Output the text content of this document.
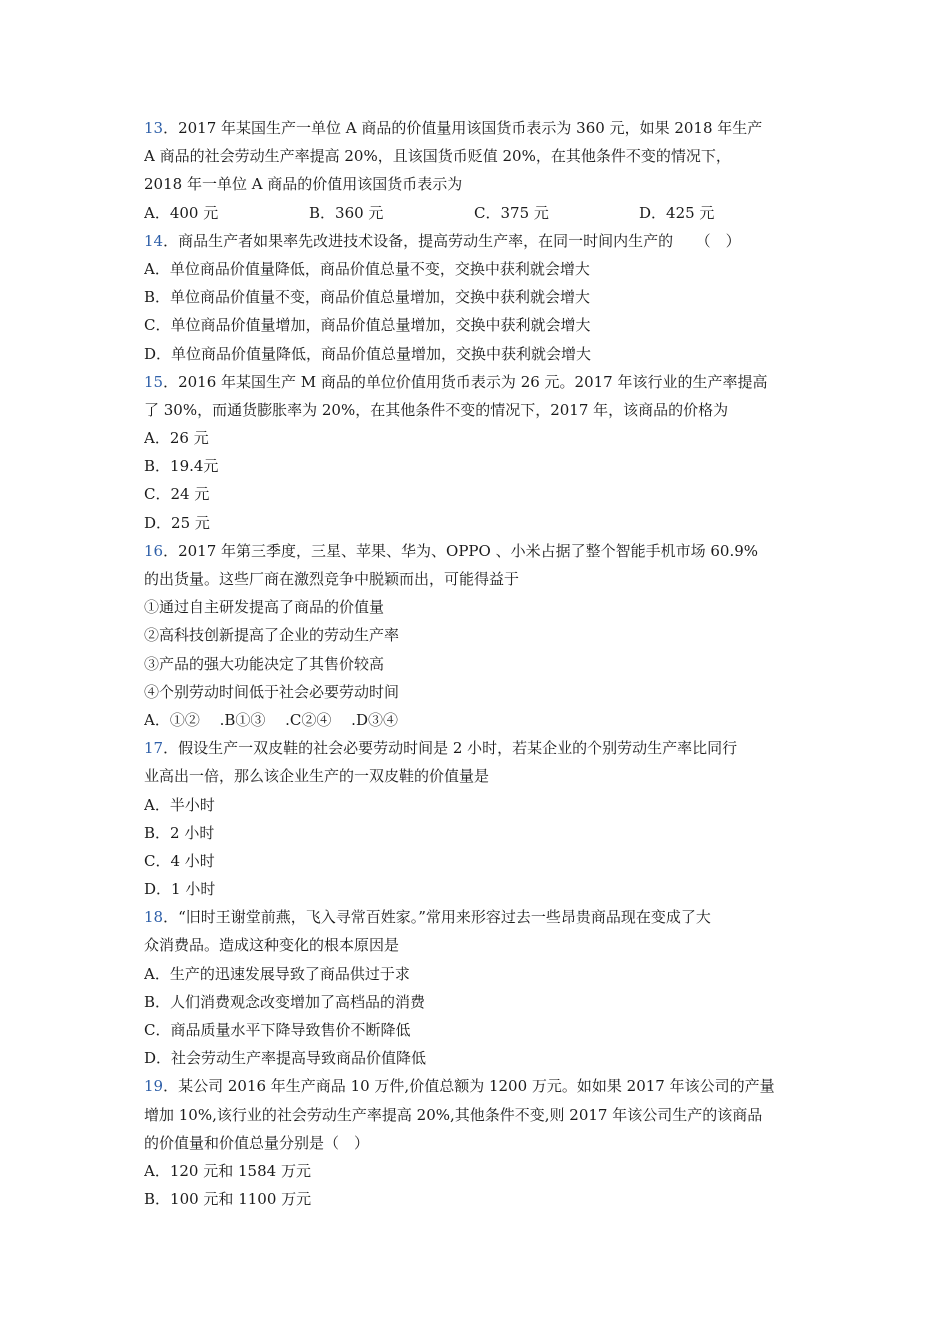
13．2017 年某国生产一单位 A 商品的价值量用该国货币表示为 360 元，如果 2018 年生产
A 商品的社会劳动生产率提高 20%，且该国货币贬值 20%，在其他条件不变的情况下，
2018 年一单位 A 商品的价值用该国货币表示为
A．400 元	B．360 元	C．375 元	D．425 元
14．商品生产者如果率先改进技术设备，提高劳动生产率，在同一时间内生产的　　（　）
A．单位商品价值量降低，商品价值总量不变，交换中获利就会增大
B．单位商品价值量不变，商品价值总量增加，交换中获利就会增大
C．单位商品价值量增加，商品价值总量增加，交换中获利就会增大
D．单位商品价值量降低，商品价值总量增加，交换中获利就会增大
15．2016 年某国生产 M 商品的单位价值用货币表示为 26 元。2017 年该行业的生产率提高
了 30%，而通货膨胀率为 20%，在其他条件不变的情况下，2017 年，该商品的价格为
A．26 元
B．19.4元
C．24 元
D．25 元
16．2017 年第三季度，三星、苹果、华为、OPPO 、小米占据了整个智能手机市场 60.9%
的出货量。这些厂商在激烈竞争中脱颖而出，可能得益于
①通过自主研发提高了商品的价值量
②高科技创新提高了企业的劳动生产率
③产品的强大功能决定了其售价较高
④个别劳动时间低于社会必要劳动时间
A．①②　 .B①③　 .C②④　 .D③④
17．假设生产一双皮鞋的社会必要劳动时间是 2 小时，若某企业的个别劳动生产率比同行
业高出一倍，那么该企业生产的一双皮鞋的价值量是
A．半小时
B．2 小时
C．4 小时
D．1 小时
18．“旧时王谢堂前燕，飞入寻常百姓家。”常用来形容过去一些昂贵商品现在变成了大
众消费品。造成这种变化的根本原因是
A．生产的迅速发展导致了商品供过于求
B．人们消费观念改变增加了高档品的消费
C．商品质量水平下降导致售价不断降低
D．社会劳动生产率提高导致商品价值降低
19．某公司 2016 年生产商品 10 万件,价值总额为 1200 万元。如如果 2017 年该公司的产量
增加 10%,该行业的社会劳动生产率提高 20%,其他条件不变,则 2017 年该公司生产的该商品
的价值量和价值总量分别是（　）
A．120 元和 1584 万元
B．100 元和 1100 万元
